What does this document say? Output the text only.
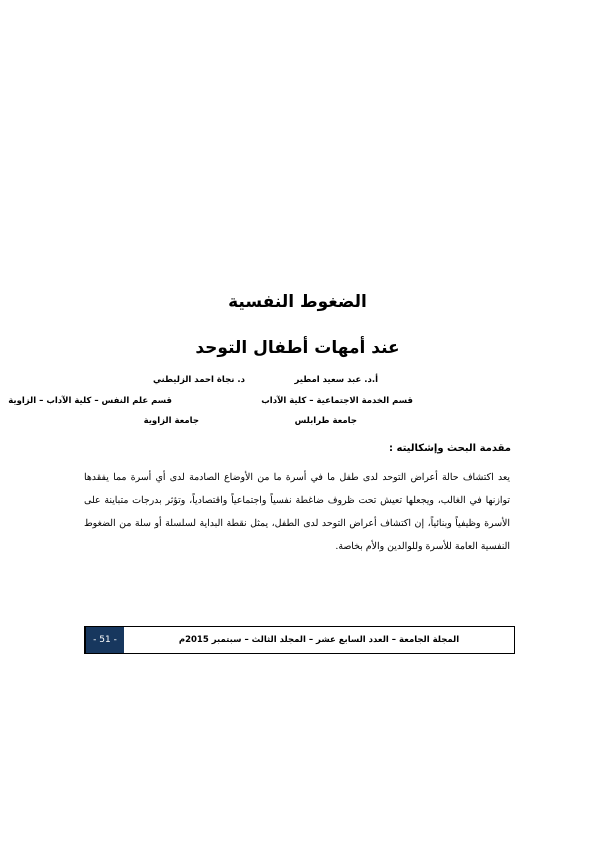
الضغوط النفسية
عند أمهات أطفال التوحد
أ.د. عبد سعيد امطير
قسم الخدمة الاجتماعية – كلية الآداب
جامعة طرابلس
د. نجاة احمد الزليطني
قسم علم النفس – كلية الآداب – الزاوية
جامعة الزاوية
مقدمة البحث وإشكاليته :
يعد اكتشاف حالة أعراض التوحد لدى طفل ما في أسرة ما من الأوضاع الصادمة لدى أي أسرة مما يفقدها توازنها في الغالب، ويجعلها تعيش تحت ظروف ضاغطة نفسياً واجتماعياً واقتصادياً، وتؤثر بدرجات متباينة على الأسرة وظيفياً وبنائياً، إن اكتشاف أعراض التوحد لدى الطفل، يمثل نقطة البداية لسلسلة أو سلة من الضغوط النفسية العامة للأسرة وللوالدين والأم بخاصة.
- 51 -	المجلة الجامعة – العدد السابع عشر – المجلد الثالث – سبتمبر 2015م
